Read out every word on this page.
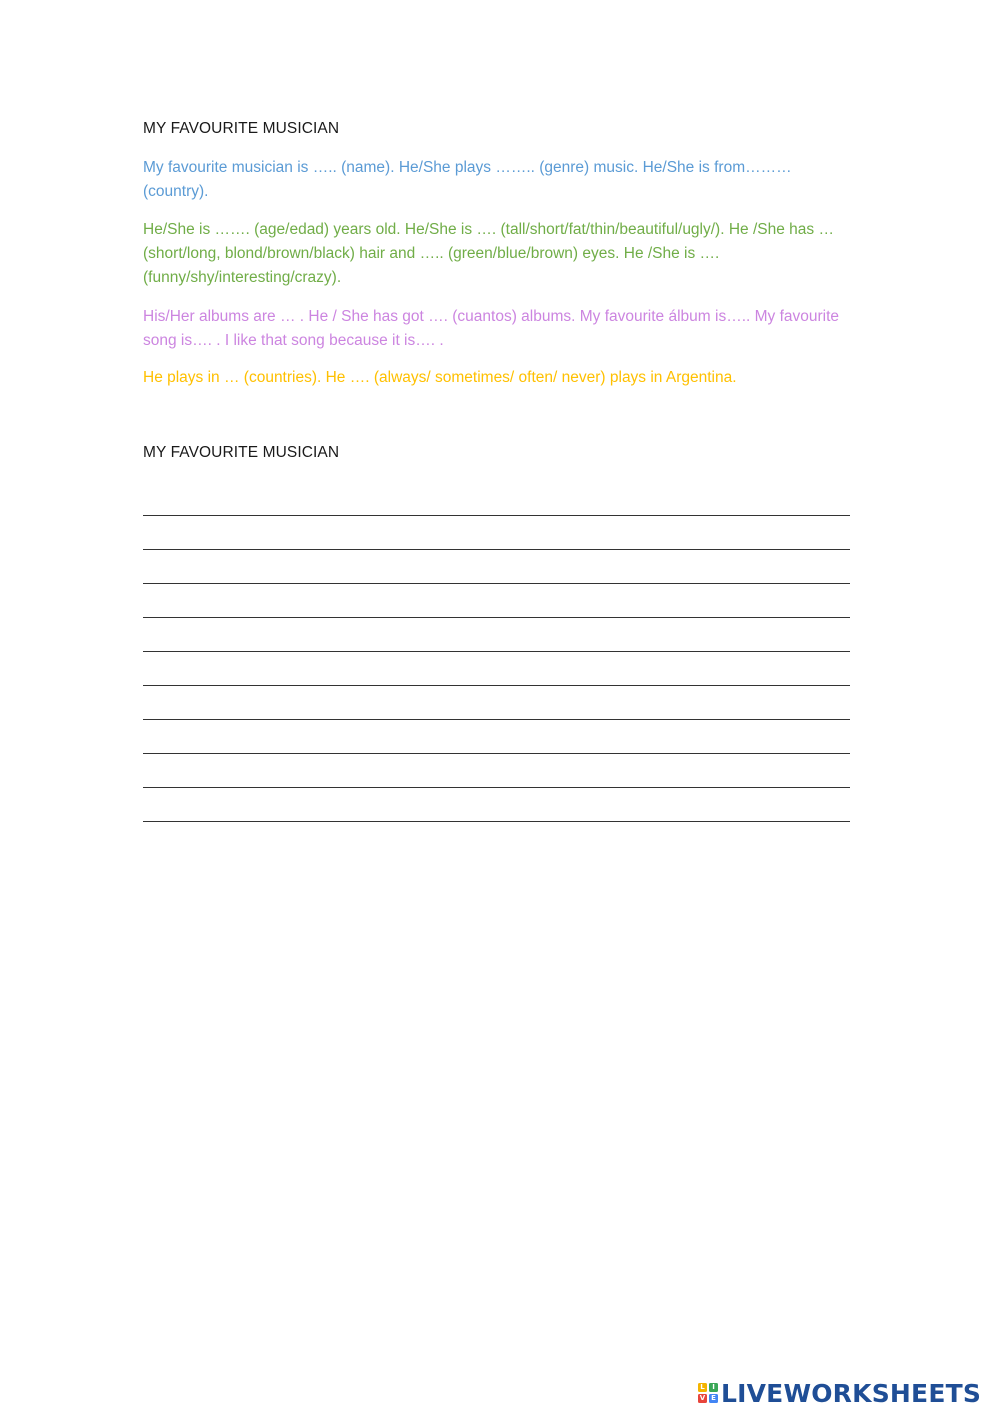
MY FAVOURITE MUSICIAN

My favourite musician is ….. (name). He/She plays …….. (genre) music. He/She is from……… (country).

He/She is ……. (age/edad) years old. He/She is …. (tall/short/fat/thin/beautiful/ugly/). He /She has …(short/long, blond/brown/black) hair and ….. (green/blue/brown) eyes. He /She is …. (funny/shy/interesting/crazy).

His/Her albums are … . He / She has got …. (cuantos) albums. My favourite álbum is….. My favourite song is…. . I like that song because it is…. .

He plays in … (countries). He …. (always/ sometimes/ often/ never) plays in Argentina.

MY FAVOURITE MUSICIAN
L	I
V E LIVEWORKSHEETS
